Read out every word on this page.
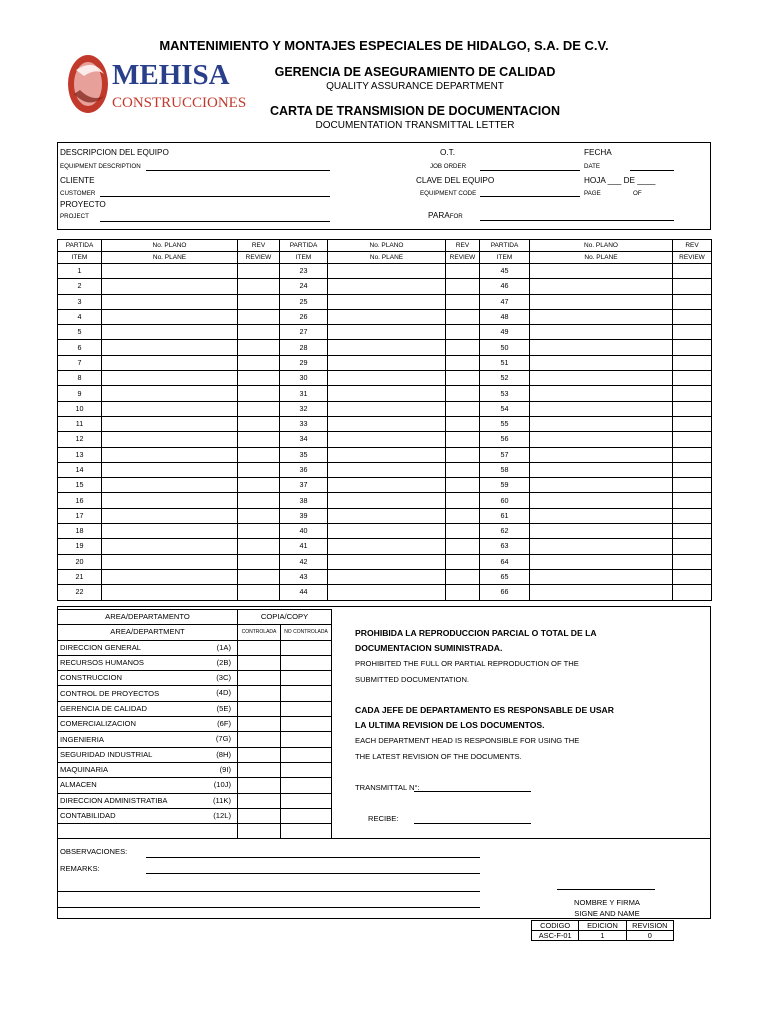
MANTENIMIENTO Y MONTAJES ESPECIALES DE HIDALGO, S.A. DE C.V.
MEHISA
CONSTRUCCIONES
GERENCIA DE ASEGURAMIENTO DE CALIDAD
QUALITY ASSURANCE DEPARTMENT
CARTA DE TRANSMISION DE DOCUMENTACION
DOCUMENTATION TRANSMITTAL LETTER
DESCRIPCION DEL EQUIPO
EQUIPMENT DESCRIPTION
CLIENTE
CUSTOMER
PROYECTO
PROJECT
O.T.
JOB ORDER
CLAVE DEL EQUIPO
EQUIPMENT CODE
PARAFOR
FECHA
DATE
HOJA ___ DE ____
PAGE	OF
PARTIDA	No. PLANO	REV	PARTIDA	No. PLANO	REV	PARTIDA	No. PLANO	REV
ITEM	No. PLANE	REVIEW	ITEM	No. PLANE	REVIEW	ITEM	No. PLANE	REVIEW
1			23			45		
2			24			46		
3			25			47		
4			26			48		
5			27			49		
6			28			50		
7			29			51		
8			30			52		
9			31			53		
10			32			54		
11			33			55		
12			34			56		
13			35			57		
14			36			58		
15			37			59		
16			38			60		
17			39			61		
18			40			62		
19			41			63		
20			42			64		
21			43			65		
22			44			66		
AREA/DEPARTAMENTO	COPIA/COPY	
AREA/DEPARTMENT	CONTROLADA	NO CONTROLADA
DIRECCION GENERAL (1A)		

RECURSOS HUMANOS (2B)		

CONSTRUCCION (3C)		

CONTROL DE PROYECTOS (4D)		

GERENCIA DE CALIDAD (5E)		

COMERCIALIZACION (6F)		

INGENIERIA (7G)		

SEGURIDAD INDUSTRIAL (8H)		

MAQUINARIA (9I)		

ALMACEN (10J)		

DIRECCION ADMINISTRATIBA (11K)		

CONTABILIDAD (12L)		

PROHIBIDA LA REPRODUCCION PARCIAL O TOTAL DE LA
DOCUMENTACION SUMINISTRADA.
PROHIBITED THE FULL OR PARTIAL REPRODUCTION OF THE
SUBMITTED DOCUMENTATION.
CADA JEFE DE DEPARTAMENTO ES RESPONSABLE DE USAR
LA ULTIMA REVISION DE LOS DOCUMENTOS.
EACH DEPARTMENT HEAD IS RESPONSIBLE FOR USING THE
THE LATEST REVISION OF THE DOCUMENTS.
TRANSMITTAL N°:
RECIBE:
OBSERVACIONES:
REMARKS:
NOMBRE Y FIRMA
SIGNE AND NAME
CODIGO	EDICION	REVISION
ASC-F-01	1	0
